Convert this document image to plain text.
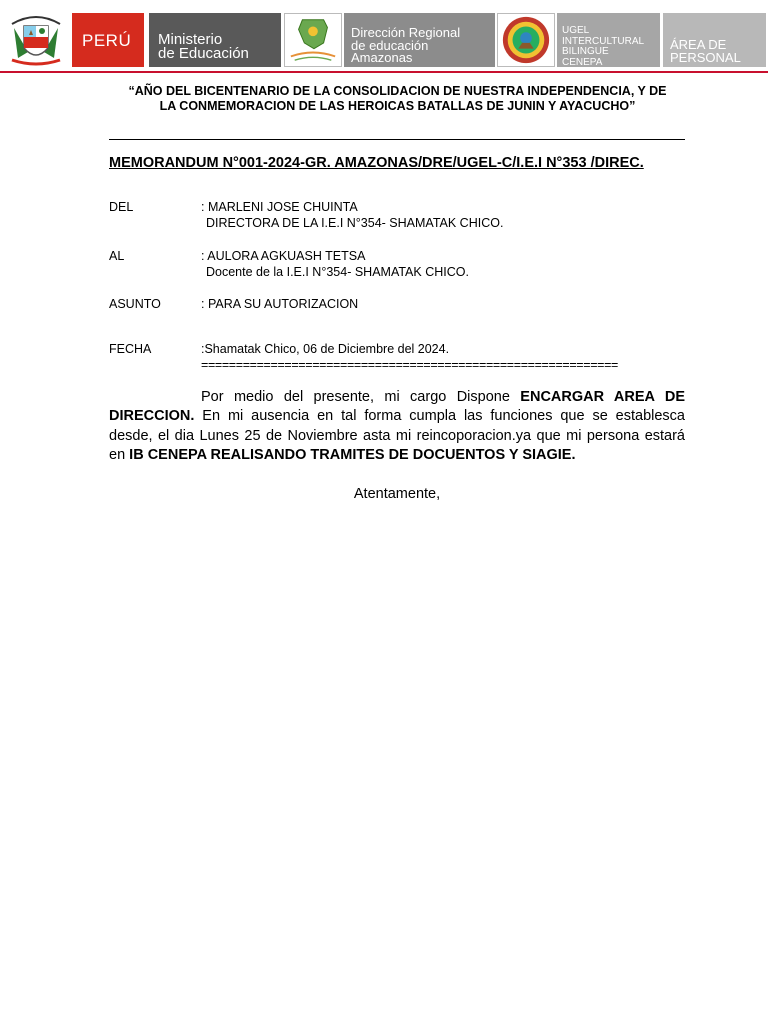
PERÚ	Ministerio
de Educación
Dirección Regional
de educación
Amazonas
UGEL
INTERCULTURAL
BILINGUE
CENEPA
ÁREA DE
PERSONAL
“AÑO DEL BICENTENARIO DE LA CONSOLIDACION DE NUESTRA INDEPENDENCIA, Y DE
LA CONMEMORACION DE LAS HEROICAS BATALLAS DE JUNIN Y AYACUCHO”
MEMORANDUM N°001-2024-GR. AMAZONAS/DRE/UGEL-C/I.E.I N°353 /DIREC.
DEL	: MARLENI JOSE CHUINTA
DIRECTORA DE LA I.E.I N°354- SHAMATAK CHICO.
AL	: AULORA AGKUASH TETSA
Docente de la I.E.I N°354- SHAMATAK CHICO.
ASUNTO	: PARA SU AUTORIZACION
FECHA	:Shamatak Chico, 06 de Diciembre del 2024.
============================================================
Por medio del presente, mi cargo Dispone ENCARGAR AREA DE DIRECCION. En mi ausencia en tal forma cumpla las funciones que se establesca desde, el dia Lunes 25 de Noviembre asta mi reincoporacion.ya que mi persona estará en IB CENEPA REALISANDO TRAMITES DE DOCUENTOS Y SIAGIE.
Atentamente,
